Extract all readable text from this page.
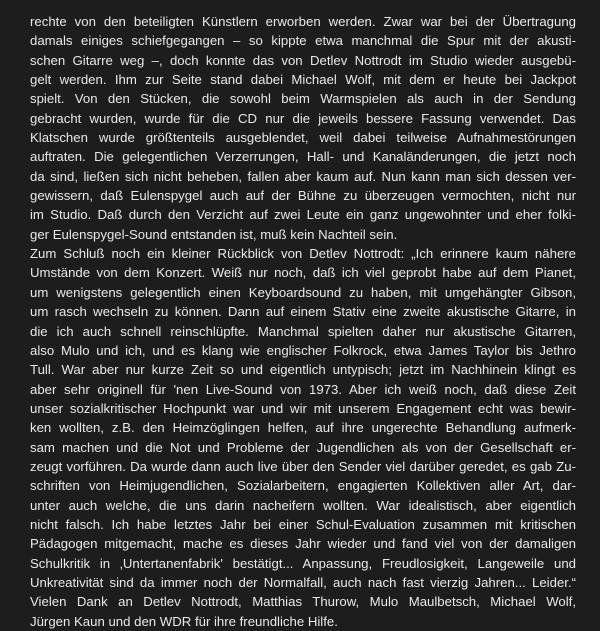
rechte von den beteiligten Künstlern erworben werden. Zwar war bei der Übertragung
damals einiges schiefgegangen – so kippte etwa manchmal die Spur mit der akusti-
schen Gitarre weg –, doch konnte das von Detlev Nottrodt im Studio wieder ausgebü-
gelt werden. Ihm zur Seite stand dabei Michael Wolf, mit dem er heute bei Jackpot
spielt. Von den Stücken, die sowohl beim Warmspielen als auch in der Sendung
gebracht wurden, wurde für die CD nur die jeweils bessere Fassung verwendet. Das
Klatschen wurde größtenteils ausgeblendet, weil dabei teilweise Aufnahmestörungen
auftraten. Die gelegentlichen Verzerrungen, Hall- und Kanaländerungen, die jetzt noch
da sind, ließen sich nicht beheben, fallen aber kaum auf. Nun kann man sich dessen ver-
gewissern, daß Eulenspygel auch auf der Bühne zu überzeugen vermochten, nicht nur
im Studio. Daß durch den Verzicht auf zwei Leute ein ganz ungewohnter und eher folki-
ger Eulenspygel-Sound entstanden ist, muß kein Nachteil sein.
Zum Schluß noch ein kleiner Rückblick von Detlev Nottrodt: „Ich erinnere kaum nähere
Umstände von dem Konzert. Weiß nur noch, daß ich viel geprobt habe auf dem Pianet,
um wenigstens gelegentlich einen Keyboardsound zu haben, mit umgehängter Gibson,
um rasch wechseln zu können. Dann auf einem Stativ eine zweite akustische Gitarre, in
die ich auch schnell reinschlüpfte. Manchmal spielten daher nur akustische Gitarren,
also Mulo und ich, und es klang wie englischer Folkrock, etwa James Taylor bis Jethro
Tull. War aber nur kurze Zeit so und eigentlich untypisch; jetzt im Nachhinein klingt es
aber sehr originell für 'nen Live-Sound von 1973. Aber ich weiß noch, daß diese Zeit
unser sozialkritischer Hochpunkt war und wir mit unserem Engagement echt was bewir-
ken wollten, z.B. den Heimzöglingen helfen, auf ihre ungerechte Behandlung aufmerk-
sam machen und die Not und Probleme der Jugendlichen als von der Gesellschaft er-
zeugt vorführen. Da wurde dann auch live über den Sender viel darüber geredet, es gab Zu-
schriften von Heimjugendlichen, Sozialarbeitern, engagierten Kollektiven aller Art, dar-
unter auch welche, die uns darin nacheifern wollten. War idealistisch, aber eigentlich
nicht falsch. Ich habe letztes Jahr bei einer Schul-Evaluation zusammen mit kritischen
Pädagogen mitgemacht, mache es dieses Jahr wieder und fand viel von der damaligen
Schulkritik in ‚Untertanenfabrik' bestätigt... Anpassung, Freudlosigkeit, Langeweile und
Unkreativität sind da immer noch der Normalfall, auch nach fast vierzig Jahren... Leider.“
Vielen Dank an Detlev Nottrodt, Matthias Thurow, Mulo Maulbetsch, Michael Wolf,
Jürgen Kaun und den WDR für ihre freundliche Hilfe.
